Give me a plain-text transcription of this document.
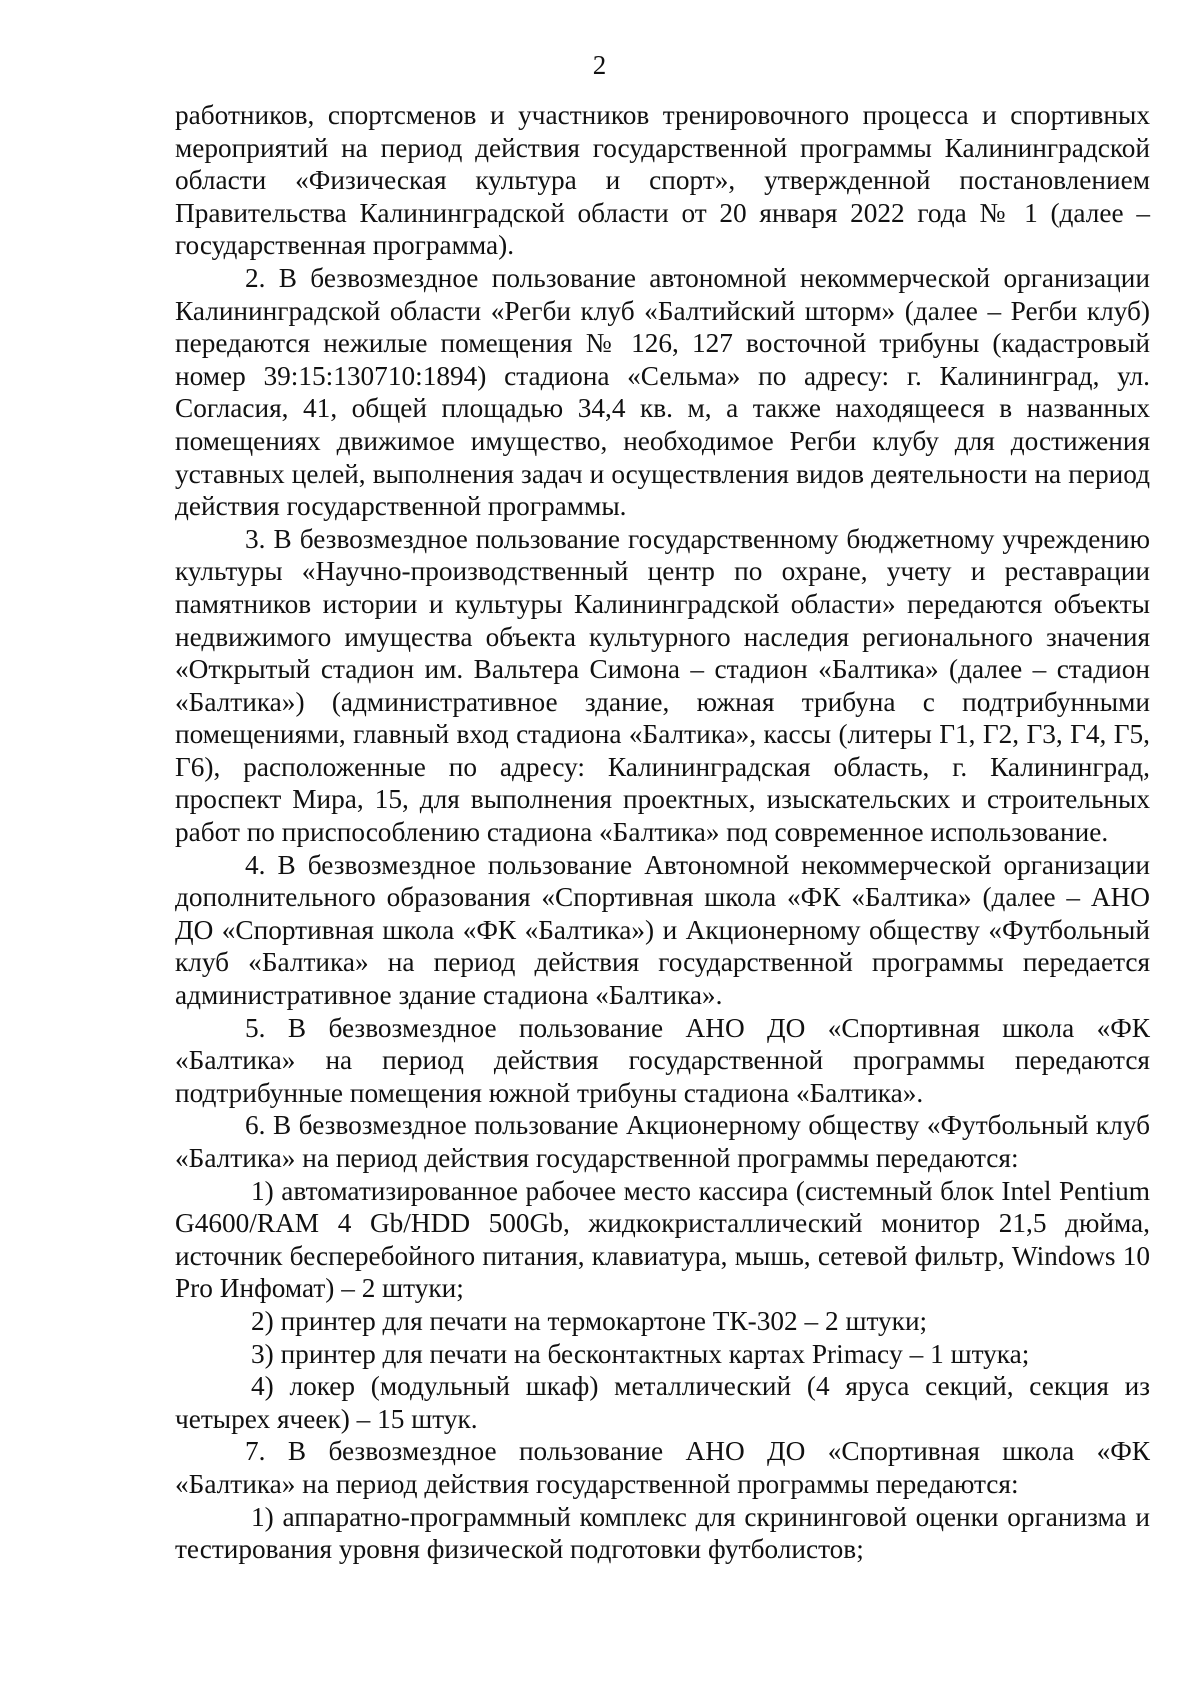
2

работников, спортсменов и участников тренировочного процесса и спортивных мероприятий на период действия государственной программы Калининградской области «Физическая культура и спорт», утвержденной постановлением Правительства Калининградской области от 20 января 2022 года № 1 (далее – государственная программа).

2. В безвозмездное пользование автономной некоммерческой организации Калининградской области «Регби клуб «Балтийский шторм» (далее – Регби клуб) передаются нежилые помещения № 126, 127 восточной трибуны (кадастровый номер 39:15:130710:1894) стадиона «Сельма» по адресу: г. Калининград, ул. Согласия, 41, общей площадью 34,4 кв. м, а также находящееся в названных помещениях движимое имущество, необходимое Регби клубу для достижения уставных целей, выполнения задач и осуществления видов деятельности на период действия государственной программы.

3. В безвозмездное пользование государственному бюджетному учреждению культуры «Научно-производственный центр по охране, учету и реставрации памятников истории и культуры Калининградской области» передаются объекты недвижимого имущества объекта культурного наследия регионального значения «Открытый стадион им. Вальтера Симона – стадион «Балтика» (далее – стадион «Балтика») (административное здание, южная трибуна с подтрибунными помещениями, главный вход стадиона «Балтика», кассы (литеры Г1, Г2, Г3, Г4, Г5, Г6), расположенные по адресу: Калининградская область, г. Калининград, проспект Мира, 15, для выполнения проектных, изыскательских и строительных работ по приспособлению стадиона «Балтика» под современное использование.

4. В безвозмездное пользование Автономной некоммерческой организации дополнительного образования «Спортивная школа «ФК «Балтика» (далее – АНО ДО «Спортивная школа «ФК «Балтика») и Акционерному обществу «Футбольный клуб «Балтика» на период действия государственной программы передается административное здание стадиона «Балтика».

5. В безвозмездное пользование АНО ДО «Спортивная школа «ФК «Балтика» на период действия государственной программы передаются подтрибунные помещения южной трибуны стадиона «Балтика».

6. В безвозмездное пользование Акционерному обществу «Футбольный клуб «Балтика» на период действия государственной программы передаются:

1) автоматизированное рабочее место кассира (системный блок Intel Pentium G4600/RAM 4 Gb/HDD 500Gb, жидкокристаллический монитор 21,5 дюйма, источник бесперебойного питания, клавиатура, мышь, сетевой фильтр, Windows 10 Pro Инфомат) – 2 штуки;

2) принтер для печати на термокартоне ТК-302 – 2 штуки;

3) принтер для печати на бесконтактных картах Primacy – 1 штука;

4) локер (модульный шкаф) металлический (4 яруса секций, секция из четырех ячеек) – 15 штук.

7. В безвозмездное пользование АНО ДО «Спортивная школа «ФК «Балтика» на период действия государственной программы передаются:

1) аппаратно-программный комплекс для скрининговой оценки организма и тестирования уровня физической подготовки футболистов;
